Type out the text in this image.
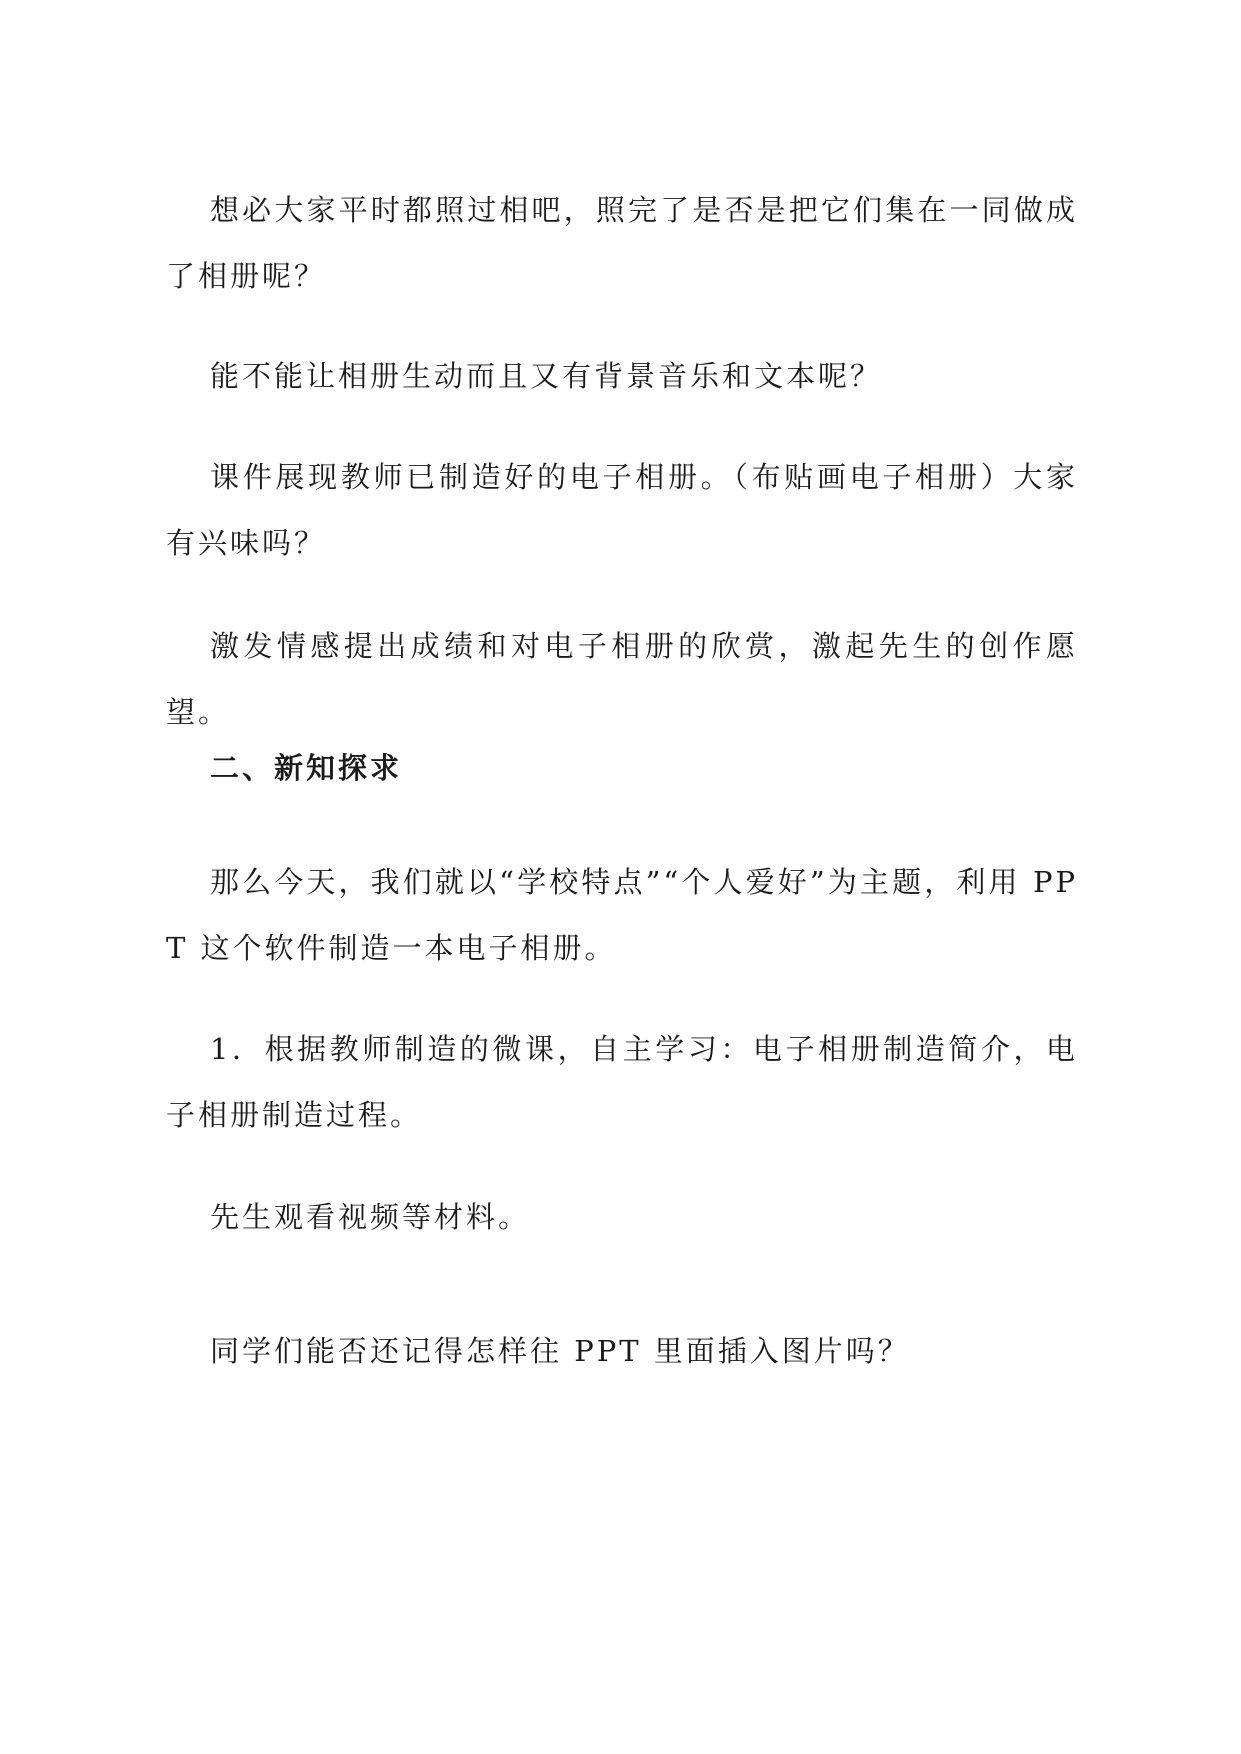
想必大家平时都照过相吧，照完了是否是把它们集在一同做成了相册呢？

能不能让相册生动而且又有背景音乐和文本呢？

课件展现教师已制造好的电子相册。（布贴画电子相册）大家有兴味吗？

激发情感提出成绩和对电子相册的欣赏，激起先生的创作愿望。

二、新知探求

那么今天，我们就以“学校特点”“个人爱好”为主题，利用 PPT 这个软件制造一本电子相册。

1．根据教师制造的微课，自主学习：电子相册制造简介，电子相册制造过程。

先生观看视频等材料。

同学们能否还记得怎样往 PPT 里面插入图片吗？
